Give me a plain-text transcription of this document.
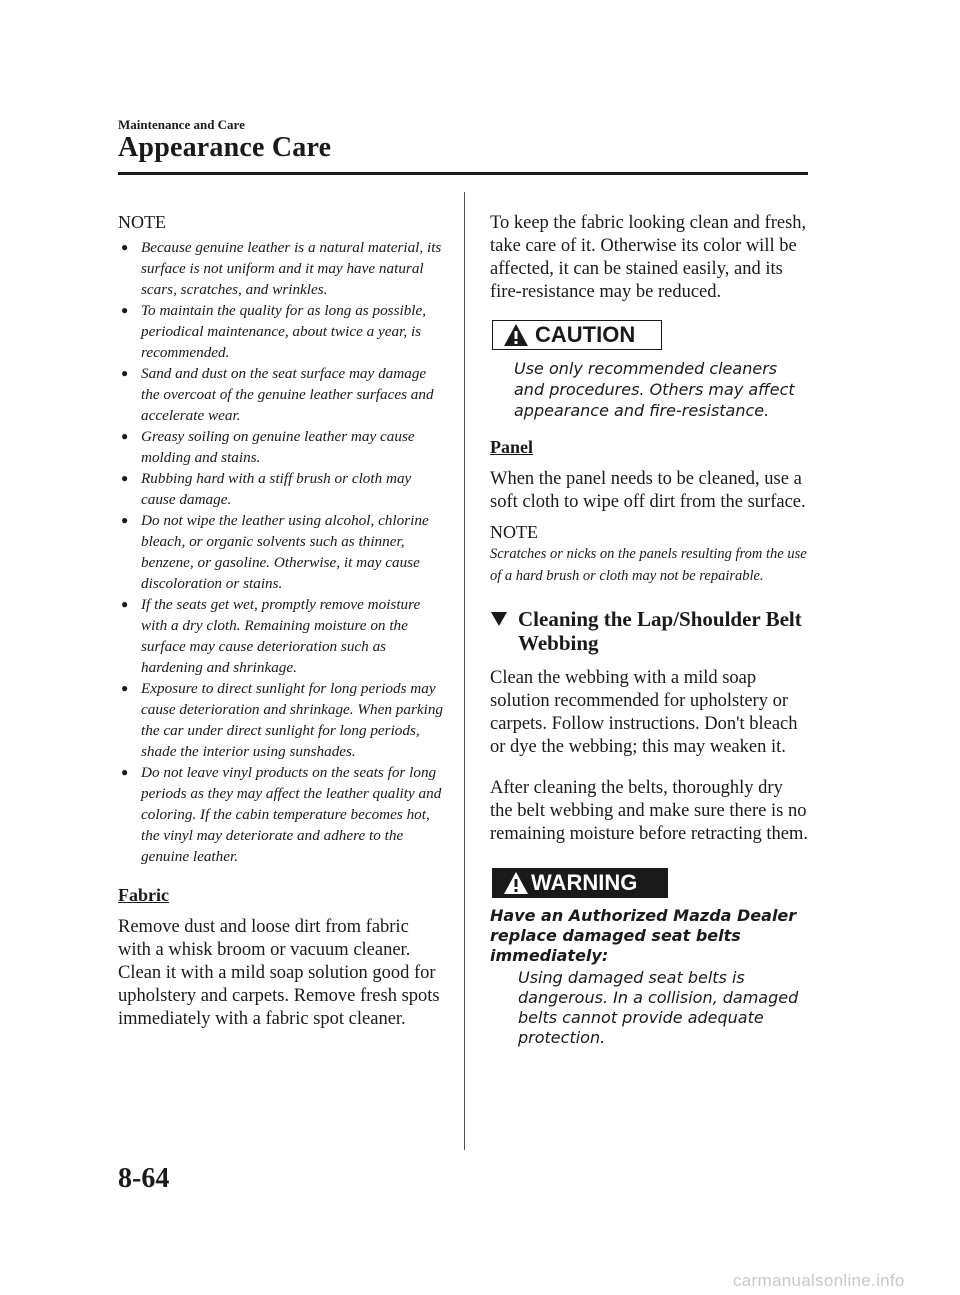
Maintenance and Care
Appearance Care
NOTE
● Because genuine leather is a natural material, its surface is not uniform and it may have natural scars, scratches, and wrinkles.
● To maintain the quality for as long as possible, periodical maintenance, about twice a year, is recommended.
● Sand and dust on the seat surface may damage the overcoat of the genuine leather surfaces and accelerate wear.
● Greasy soiling on genuine leather may cause molding and stains.
● Rubbing hard with a stiff brush or cloth may cause damage.
● Do not wipe the leather using alcohol, chlorine bleach, or organic solvents such as thinner, benzene, or gasoline. Otherwise, it may cause discoloration or stains.
● If the seats get wet, promptly remove moisture with a dry cloth. Remaining moisture on the surface may cause deterioration such as hardening and shrinkage.
● Exposure to direct sunlight for long periods may cause deterioration and shrinkage. When parking the car under direct sunlight for long periods, shade the interior using sunshades.
● Do not leave vinyl products on the seats for long periods as they may affect the leather quality and coloring. If the cabin temperature becomes hot, the vinyl may deteriorate and adhere to the genuine leather.
Fabric

Remove dust and loose dirt from fabric with a whisk broom or vacuum cleaner. Clean it with a mild soap solution good for upholstery and carpets. Remove fresh spots immediately with a fabric spot cleaner.

To keep the fabric looking clean and fresh, take care of it. Otherwise its color will be affected, it can be stained easily, and its fire-resistance may be reduced.

CAUTION

Use only recommended cleaners and procedures. Others may affect appearance and fire-resistance.

Panel

When the panel needs to be cleaned, use a soft cloth to wipe off dirt from the surface.

NOTE

Scratches or nicks on the panels resulting from the use of a hard brush or cloth may not be repairable.

Cleaning the Lap/Shoulder Belt Webbing

Clean the webbing with a mild soap solution recommended for upholstery or carpets. Follow instructions. Don't bleach or dye the webbing; this may weaken it.

After cleaning the belts, thoroughly dry the belt webbing and make sure there is no remaining moisture before retracting them.

WARNING

Have an Authorized Mazda Dealer replace damaged seat belts immediately:

Using damaged seat belts is dangerous. In a collision, damaged belts cannot provide adequate protection.

8-64
carmanualsonline.info
